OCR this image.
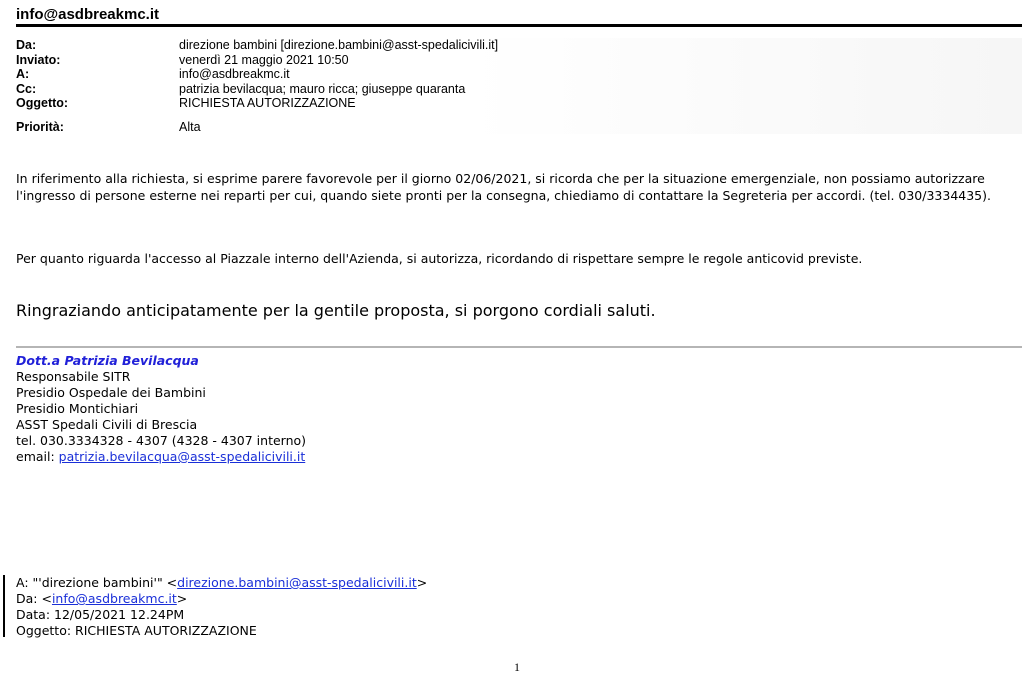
info@asdbreakmc.it
Da:	direzione bambini [direzione.bambini@asst-spedalicivili.it]
Inviato:	venerdì 21 maggio 2021 10:50
A:	info@asdbreakmc.it
Cc:	patrizia bevilacqua; mauro ricca; giuseppe quaranta
Oggetto:	RICHIESTA AUTORIZZAZIONE
Priorità:	Alta
In riferimento alla richiesta, si esprime parere favorevole per il giorno 02/06/2021, si ricorda che per la situazione emergenziale, non possiamo autorizzare l'ingresso di persone esterne nei reparti per cui, quando siete pronti per la consegna, chiediamo di contattare la Segreteria per accordi. (tel. 030/3334435).
Per quanto riguarda l'accesso al Piazzale interno dell'Azienda, si autorizza, ricordando di rispettare sempre le regole anticovid previste.
Ringraziando anticipatamente per la gentile proposta, si porgono cordiali saluti.
Dott.a Patrizia Bevilacqua
Responsabile SITR
Presidio Ospedale dei Bambini
Presidio Montichiari
ASST Spedali Civili di Brescia
tel. 030.3334328 - 4307 (4328 - 4307 interno)
email: patrizia.bevilacqua@asst-spedalicivili.it
A: "'direzione bambini'" <direzione.bambini@asst-spedalicivili.it>
Da: <info@asdbreakmc.it>
Data: 12/05/2021 12.24PM
Oggetto: RICHIESTA AUTORIZZAZIONE
1
